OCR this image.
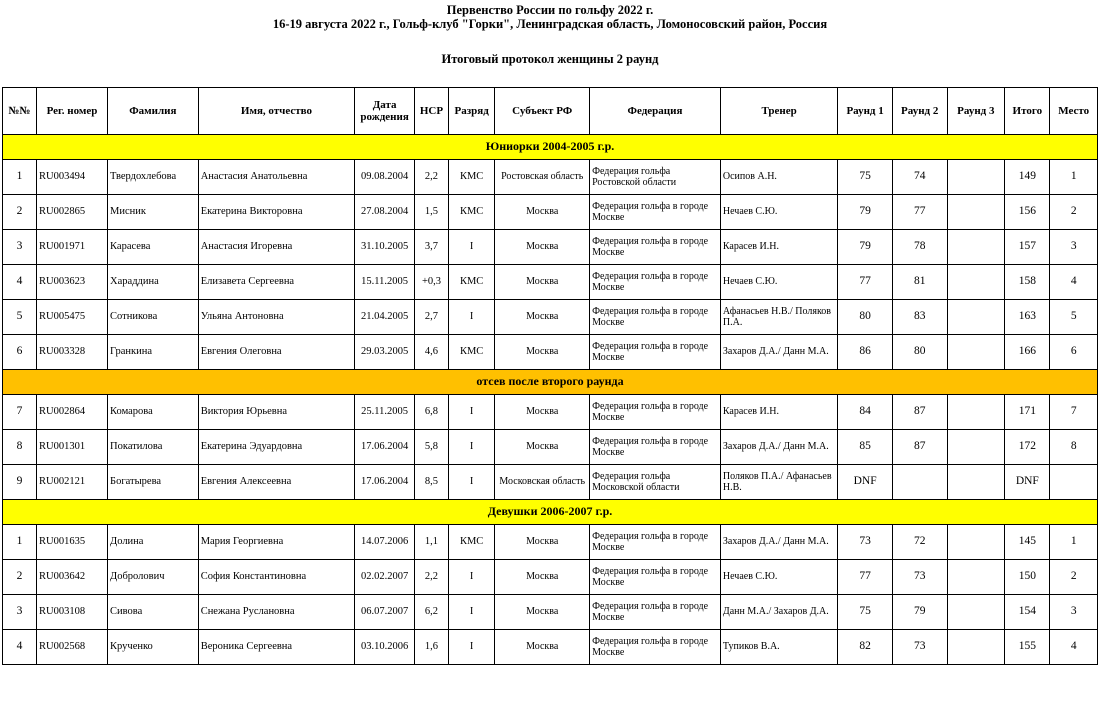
Первенство России по гольфу 2022 г.
16-19 августа 2022 г., Гольф-клуб "Горки", Ленинградская область, Ломоносовский район, Россия
Итоговый протокол женщины 2 раунд
№№	Рег. номер	Фамилия	Имя, отчество	Дата рождения	HCP	Разряд	Субъект РФ	Федерация	Тренер	Раунд 1	Раунд 2	Раунд 3	Итого	Место
Юниорки 2004-2005 г.р.														
1	RU003494	Твердохлебова	Анастасия Анатольевна	09.08.2004	2,2	КМС	Ростовская область	Федерация гольфа Ростовской области	Осипов А.Н.	75	74		149	1
2	RU002865	Мисник	Екатерина Викторовна	27.08.2004	1,5	КМС	Москва	Федерация гольфа в городе Москве	Нечаев С.Ю.	79	77		156	2
3	RU001971	Карасева	Анастасия Игоревна	31.10.2005	3,7	I	Москва	Федерация гольфа в городе Москве	Карасев И.Н.	79	78		157	3
4	RU003623	Хараддина	Елизавета Сергеевна	15.11.2005	+0,3	КМС	Москва	Федерация гольфа в городе Москве	Нечаев С.Ю.	77	81		158	4
5	RU005475	Сотникова	Ульяна Антоновна	21.04.2005	2,7	I	Москва	Федерация гольфа в городе Москве	Афанасьев Н.В./ Поляков П.А.	80	83		163	5
6	RU003328	Гранкина	Евгения Олеговна	29.03.2005	4,6	КМС	Москва	Федерация гольфа в городе Москве	Захаров Д.А./ Данн М.А.	86	80		166	6
отсев после второго раунда														
7	RU002864	Комарова	Виктория Юрьевна	25.11.2005	6,8	I	Москва	Федерация гольфа в городе Москве	Карасев И.Н.	84	87		171	7
8	RU001301	Покатилова	Екатерина Эдуардовна	17.06.2004	5,8	I	Москва	Федерация гольфа в городе Москве	Захаров Д.А./ Данн М.А.	85	87		172	8
9	RU002121	Богатырева	Евгения Алексеевна	17.06.2004	8,5	I	Московская область	Федерация гольфа Московской области	Поляков П.А./ Афанасьев Н.В.	DNF			DNF	
Девушки 2006-2007 г.р.														
1	RU001635	Долина	Мария Георгиевна	14.07.2006	1,1	КМС	Москва	Федерация гольфа в городе Москве	Захаров Д.А./ Данн М.А.	73	72		145	1
2	RU003642	Добролович	София Константиновна	02.02.2007	2,2	I	Москва	Федерация гольфа в городе Москве	Нечаев С.Ю.	77	73		150	2
3	RU003108	Сивова	Снежана Руслановна	06.07.2007	6,2	I	Москва	Федерация гольфа в городе Москве	Данн М.А./ Захаров Д.А.	75	79		154	3
4	RU002568	Крученко	Вероника Сергеевна	03.10.2006	1,6	I	Москва	Федерация гольфа в городе Москве	Тупиков В.А.	82	73		155	4
